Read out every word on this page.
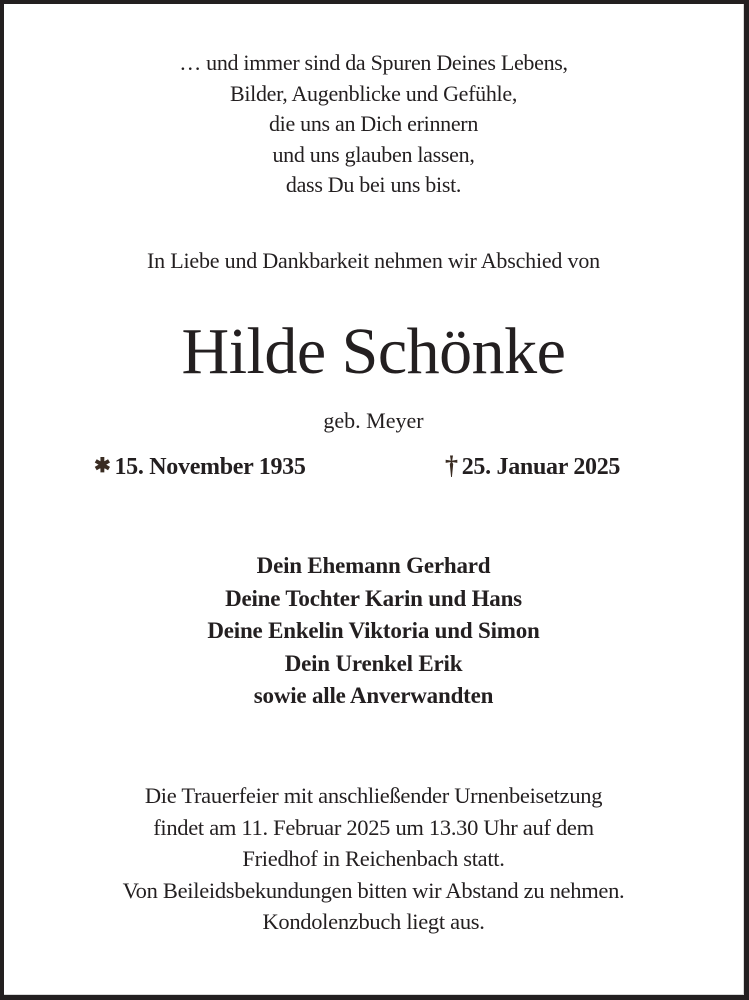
… und immer sind da Spuren Deines Lebens,
Bilder, Augenblicke und Gefühle,
die uns an Dich erinnern
und uns glauben lassen,
dass Du bei uns bist.
In Liebe und Dankbarkeit nehmen wir Abschied von
Hilde Schönke
geb. Meyer
✱ 15. November 1935	† 25. Januar 2025
Dein Ehemann Gerhard
Deine Tochter Karin und Hans
Deine Enkelin Viktoria und Simon
Dein Urenkel Erik
sowie alle Anverwandten
Die Trauerfeier mit anschließender Urnenbeisetzung
findet am 11. Februar 2025 um 13.30 Uhr auf dem
Friedhof in Reichenbach statt.
Von Beileidsbekundungen bitten wir Abstand zu nehmen.
Kondolenzbuch liegt aus.
